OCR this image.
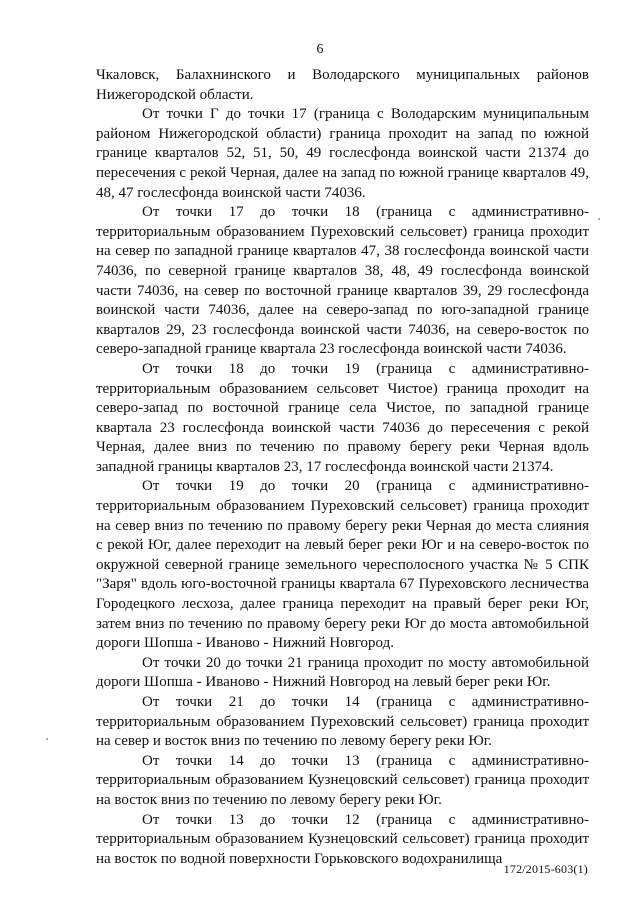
6

Чкаловск, Балахнинского и Володарского муниципальных районов Нижегородской области.

От точки Г до точки 17 (граница с Володарским муниципальным районом Нижегородской области) граница проходит на запад по южной границе кварталов 52, 51, 50, 49 гослесфонда воинской части 21374 до пересечения с рекой Черная, далее на запад по южной границе кварталов 49, 48, 47 гослесфонда воинской части 74036.

От точки 17 до точки 18 (граница с административно-территориальным образованием Пуреховский сельсовет) граница проходит на север по западной границе кварталов 47, 38 гослесфонда воинской части 74036, по северной границе кварталов 38, 48, 49 гослесфонда воинской части 74036, на север по восточной границе кварталов 39, 29 гослесфонда воинской части 74036, далее на северо-запад по юго-западной границе кварталов 29, 23 гослесфонда воинской части 74036, на северо-восток по северо-западной границе квартала 23 гослесфонда воинской части 74036.

От точки 18 до точки 19 (граница с административно-территориальным образованием сельсовет Чистое) граница проходит на северо-запад по восточной границе села Чистое, по западной границе квартала 23 гослесфонда воинской части 74036 до пересечения с рекой Черная, далее вниз по течению по правому берегу реки Черная вдоль западной границы кварталов 23, 17 гослесфонда воинской части 21374.

От точки 19 до точки 20 (граница с административно-территориальным образованием Пуреховский сельсовет) граница проходит на север вниз по течению по правому берегу реки Черная до места слияния с рекой Юг, далее переходит на левый берег реки Юг и на северо-восток по окружной северной границе земельного чересполосного участка № 5 СПК "Заря" вдоль юго-восточной границы квартала 67 Пуреховского лесничества Городецкого лесхоза, далее граница переходит на правый берег реки Юг, затем вниз по течению по правому берегу реки Юг до моста автомобильной дороги Шопша - Иваново - Нижний Новгород.

От точки 20 до точки 21 граница проходит по мосту автомобильной дороги Шопша - Иваново - Нижний Новгород на левый берег реки Юг.

От точки 21 до точки 14 (граница с административно-территориальным образованием Пуреховский сельсовет) граница проходит на север и восток вниз по течению по левому берегу реки Юг.

От точки 14 до точки 13 (граница с административно-территориальным образованием Кузнецовский сельсовет) граница проходит на восток вниз по течению по левому берегу реки Юг.

От точки 13 до точки 12 (граница с административно-территориальным образованием Кузнецовский сельсовет) граница проходит на восток по водной поверхности Горьковского водохранилища

172/2015-603(1)
